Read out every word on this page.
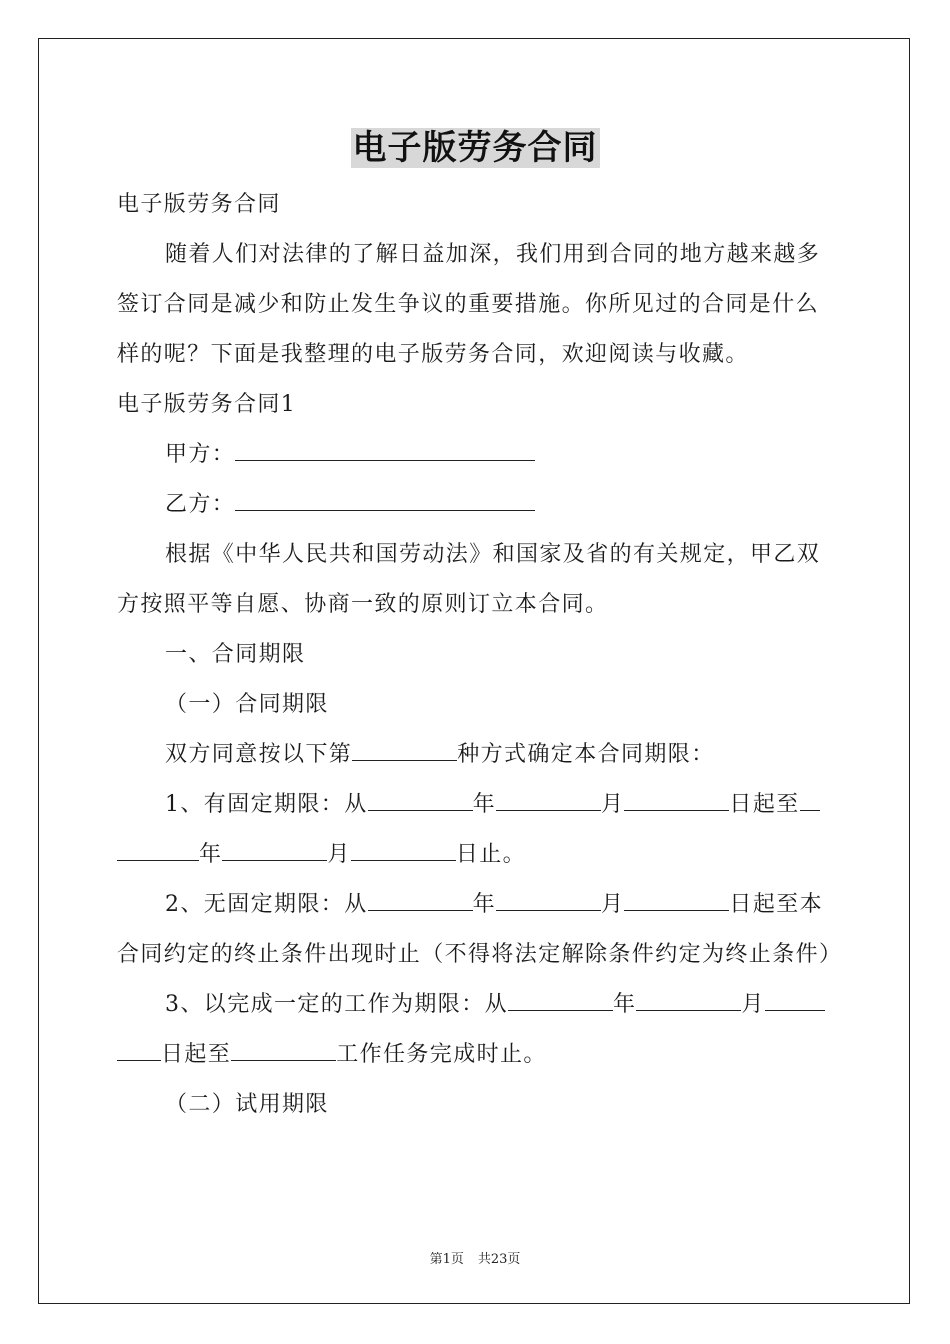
电子版劳务合同

电子版劳务合同

随着人们对法律的了解日益加深，我们用到合同的地方越来越多签订合同是减少和防止发生争议的重要措施。你所见过的合同是什么样的呢？下面是我整理的电子版劳务合同，欢迎阅读与收藏。

电子版劳务合同1

甲方：

乙方：

根据《中华人民共和国劳动法》和国家及省的有关规定，甲乙双方按照平等自愿、协商一致的原则订立本合同。

一、合同期限

（一）合同期限

双方同意按以下第	种方式确定本合同期限：

1、有固定期限：从	年	月	日起至年	月	日止。

2、无固定期限：从	年	月	日起至本合同约定的终止条件出现时止（不得将法定解除条件约定为终止条件）

3、以完成一定的工作为期限：从	年	月日起至	工作任务完成时止。

（二）试用期限

第1页 共23页
